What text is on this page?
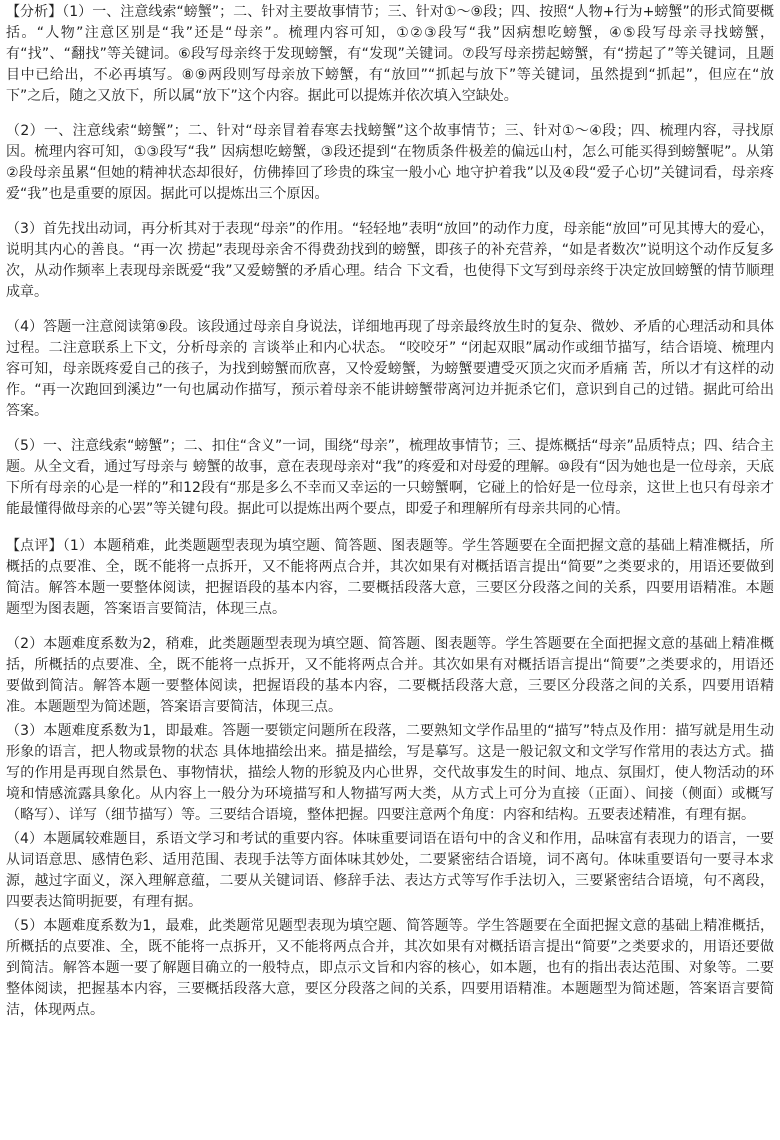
【分析】（1）一、注意线索“螃蟹”；二、针对主要故事情节；三、针对①～⑨段；四、按照“人物+行为+螃蟹”的形式简要概括。“人物”注意区别是“我”还是“母亲”。梳理内容可知，①②③段写“我”因病想吃螃蟹，④⑤段写母亲寻找螃蟹，有“找”、“翻找”等关键词。⑥段写母亲终于发现螃蟹，有“发现”关键词。⑦段写母亲捞起螃蟹，有“捞起了”等关键词，且题目中已给出，不必再填写。⑧⑨两段则写母亲放下螃蟹，有“放回”“抓起与放下”等关键词，虽然提到“抓起”，但应在“放下”之后，随之又放下，所以属“放下”这个内容。据此可以提炼并依次填入空缺处。

（2）一、注意线索“螃蟹”；二、针对“母亲冒着春寒去找螃蟹”这个故事情节；三、针对①～④段；四、梳理内容，寻找原因。梳理内容可知，①③段写“我” 因病想吃螃蟹，③段还提到“在物质条件极差的偏远山村，怎么可能买得到螃蟹呢”。从第②段母亲虽累“但她的精神状态却很好，仿佛捧回了珍贵的珠宝一般小心 地守护着我”以及④段“爱子心切”关键词看，母亲疼爱“我”也是重要的原因。据此可以提炼出三个原因。

（3）首先找出动词，再分析其对于表现“母亲”的作用。“轻轻地”表明“放回”的动作力度，母亲能“放回”可见其博大的爱心，说明其内心的善良。“再一次 捞起”表现母亲舍不得费劲找到的螃蟹，即孩子的补充营养，“如是者数次”说明这个动作反复多次，从动作频率上表现母亲既爱“我”又爱螃蟹的矛盾心理。结合 下文看，也使得下文写到母亲终于决定放回螃蟹的情节顺理成章。

（4）答题一注意阅读第⑨段。该段通过母亲自身说法，详细地再现了母亲最终放生时的复杂、微妙、矛盾的心理活动和具体过程。二注意联系上下文，分析母亲的 言谈举止和内心状态。 “咬咬牙” “闭起双眼”属动作或细节描写，结合语境、梳理内容可知，母亲既疼爱自己的孩子，为找到螃蟹而欣喜，又怜爱螃蟹，为螃蟹要遭受灭顶之灾而矛盾痛 苦，所以才有这样的动作。“再一次跑回到溪边”一句也属动作描写，预示着母亲不能讲螃蟹带离河边并扼杀它们，意识到自己的过错。据此可给出答案。

（5）一、注意线索“螃蟹”；二、扣住“含义”一词，围绕“母亲”，梳理故事情节；三、提炼概括“母亲”品质特点；四、结合主题。从全文看，通过写母亲与 螃蟹的故事，意在表现母亲对“我”的疼爱和对母爱的理解。⑩段有“因为她也是一位母亲，天底下所有母亲的心是一样的”和12段有“那是多么不幸而又幸运的一只螃蟹啊，它碰上的恰好是一位母亲，这世上也只有母亲才能最懂得做母亲的心罢”等关键句段。据此可以提炼出两个要点，即爱子和理解所有母亲共同的心情。

【点评】（1）本题稍难，此类题题型表现为填空题、简答题、图表题等。学生答题要在全面把握文意的基础上精准概括，所概括的点要准、全，既不能将一点拆开，又不能将两点合并，其次如果有对概括语言提出“简要”之类要求的，用语还要做到简洁。解答本题一要整体阅读，把握语段的基本内容，二要概括段落大意，三要区分段落之间的关系，四要用语精准。本题题型为图表题，答案语言要简洁，体现三点。

（2）本题难度系数为2，稍难，此类题题型表现为填空题、简答题、图表题等。学生答题要在全面把握文意的基础上精准概括，所概括的点要准、全，既不能将一点拆开，又不能将两点合并。其次如果有对概括语言提出“简要”之类要求的，用语还要做到简洁。解答本题一要整体阅读，把握语段的基本内容，二要概括段落大意，三要区分段落之间的关系，四要用语精准。本题题型为简述题，答案语言要简洁，体现三点。

（3）本题难度系数为1，即最难。答题一要锁定问题所在段落，二要熟知文学作品里的“描写”特点及作用：描写就是用生动形象的语言，把人物或景物的状态 具体地描绘出来。描是描绘，写是摹写。这是一般记叙文和文学写作常用的表达方式。描写的作用是再现自然景色、事物情状，描绘人物的形貌及内心世界，交代故事发生的时间、地点、氛围灯，使人物活动的环境和情感流露具象化。从内容上一般分为环境描写和人物描写两大类，从方式上可分为直接（正面）、间接（侧面）或概写（略写）、详写（细节描写）等。三要结合语境，整体把握。四要注意两个角度：内容和结构。五要表述精准，有理有据。

（4）本题属较难题目，系语文学习和考试的重要内容。体味重要词语在语句中的含义和作用，品味富有表现力的语言，一要从词语意思、感情色彩、适用范围、表现手法等方面体味其妙处，二要紧密结合语境，词不离句。体味重要语句一要寻本求源，越过字面义，深入理解意蕴，二要从关键词语、修辞手法、表达方式等写作手法切入，三要紧密结合语境，句不离段，四要表达简明扼要，有理有据。

（5）本题难度系数为1，最难，此类题常见题型表现为填空题、简答题等。学生答题要在全面把握文意的基础上精准概括，所概括的点要准、全，既不能将一点拆开，又不能将两点合并，其次如果有对概括语言提出“简要”之类要求的，用语还要做到简洁。解答本题一要了解题目确立的一般特点，即点示文旨和内容的核心，如本题，也有的指出表达范围、对象等。二要整体阅读，把握基本内容，三要概括段落大意，要区分段落之间的关系，四要用语精准。本题题型为简述题，答案语言要简洁，体现两点。
